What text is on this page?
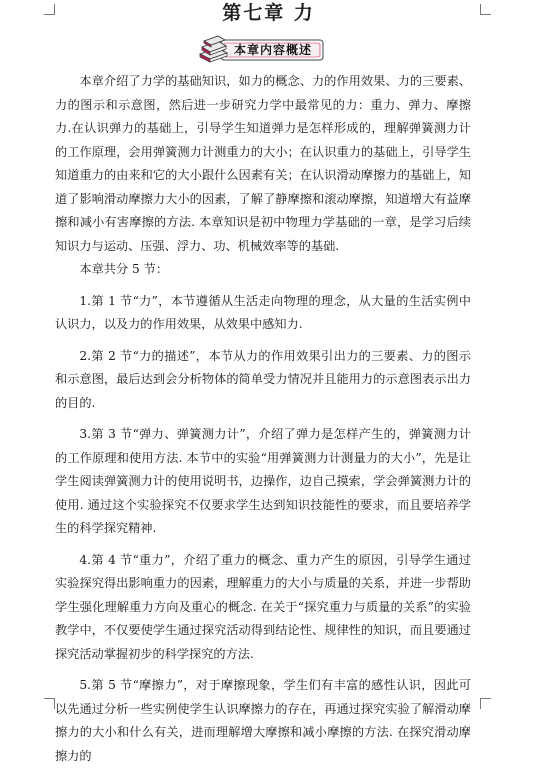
第七章 力
本章内容概述

本章介绍了力学的基础知识，如力的概念、力的作用效果、力的三要素、力的图示和示意图，然后进一步研究力学中最常见的力：重力、弹力、摩擦力.在认识弹力的基础上，引导学生知道弹力是怎样形成的，理解弹簧测力计的工作原理，会用弹簧测力计测重力的大小；在认识重力的基础上，引导学生知道重力的由来和它的大小跟什么因素有关；在认识滑动摩擦力的基础上，知道了影响滑动摩擦力大小的因素，了解了静摩擦和滚动摩擦，知道增大有益摩擦和减小有害摩擦的方法. 本章知识是初中物理力学基础的一章，是学习后续知识力与运动、压强、浮力、功、机械效率等的基础.

本章共分 5 节：

1.第 1 节“力”，本节遵循从生活走向物理的理念，从大量的生活实例中认识力，以及力的作用效果，从效果中感知力.

2.第 2 节“力的描述”，本节从力的作用效果引出力的三要素、力的图示和示意图，最后达到会分析物体的简单受力情况并且能用力的示意图表示出力的目的.

3.第 3 节“弹力、弹簧测力计”，介绍了弹力是怎样产生的，弹簧测力计的工作原理和使用方法. 本节中的实验“用弹簧测力计测量力的大小”，先是让学生阅读弹簧测力计的使用说明书，边操作，边自己摸索，学会弹簧测力计的使用. 通过这个实验探究不仅要求学生达到知识技能性的要求，而且要培养学生的科学探究精神.

4.第 4 节“重力”，介绍了重力的概念、重力产生的原因，引导学生通过实验探究得出影响重力的因素，理解重力的大小与质量的关系，并进一步帮助学生强化理解重力方向及重心的概念. 在关于“探究重力与质量的关系”的实验教学中，不仅要使学生通过探究活动得到结论性、规律性的知识，而且要通过探究活动掌握初步的科学探究的方法.

5.第 5 节“摩擦力”，对于摩擦现象，学生们有丰富的感性认识，因此可以先通过分析一些实例使学生认识摩擦力的存在，再通过探究实验了解滑动摩擦力的大小和什么有关，进而理解增大摩擦和减小摩擦的方法. 在探究滑动摩擦力的
